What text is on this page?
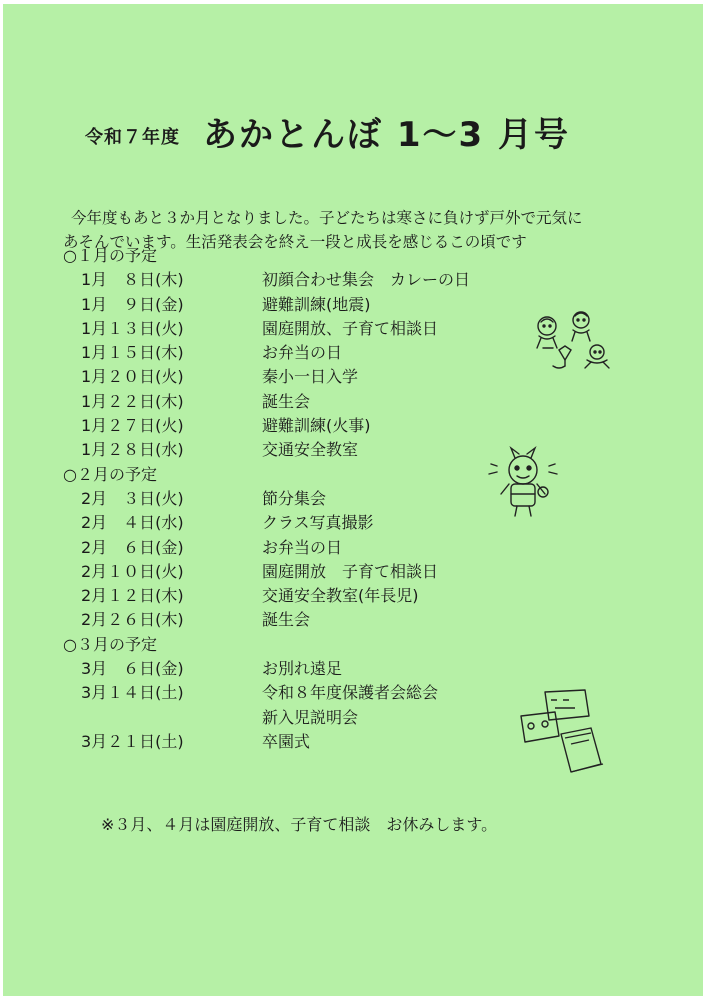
令和７年度 あかとんぼ 1～3 月号
今年度もあと３か月となりました。子どたちは寒さに負けず戸外で元気に
あそんでいます。生活発表会を終え一段と成長を感じるこの頃です
○１月の予定
1月　８日(木)	初顔合わせ集会　カレーの日
1月　９日(金)	避難訓練(地震)
1月１３日(火)	園庭開放、子育て相談日
1月１５日(木)	お弁当の日
1月２０日(火)	秦小一日入学
1月２２日(木)	誕生会
1月２７日(火)	避難訓練(火事)
1月２８日(水)	交通安全教室
○２月の予定
2月　３日(火)	節分集会
2月　４日(水)	クラス写真撮影
2月　６日(金)	お弁当の日
2月１０日(火)	園庭開放　子育て相談日
2月１２日(木)	交通安全教室(年長児)
2月２６日(木)	誕生会
○３月の予定
3月　６日(金)	お別れ遠足
3月１４日(土)	令和８年度保護者会総会
新入児説明会
3月２１日(土)	卒園式
※３月、４月は園庭開放、子育て相談　お休みします。
